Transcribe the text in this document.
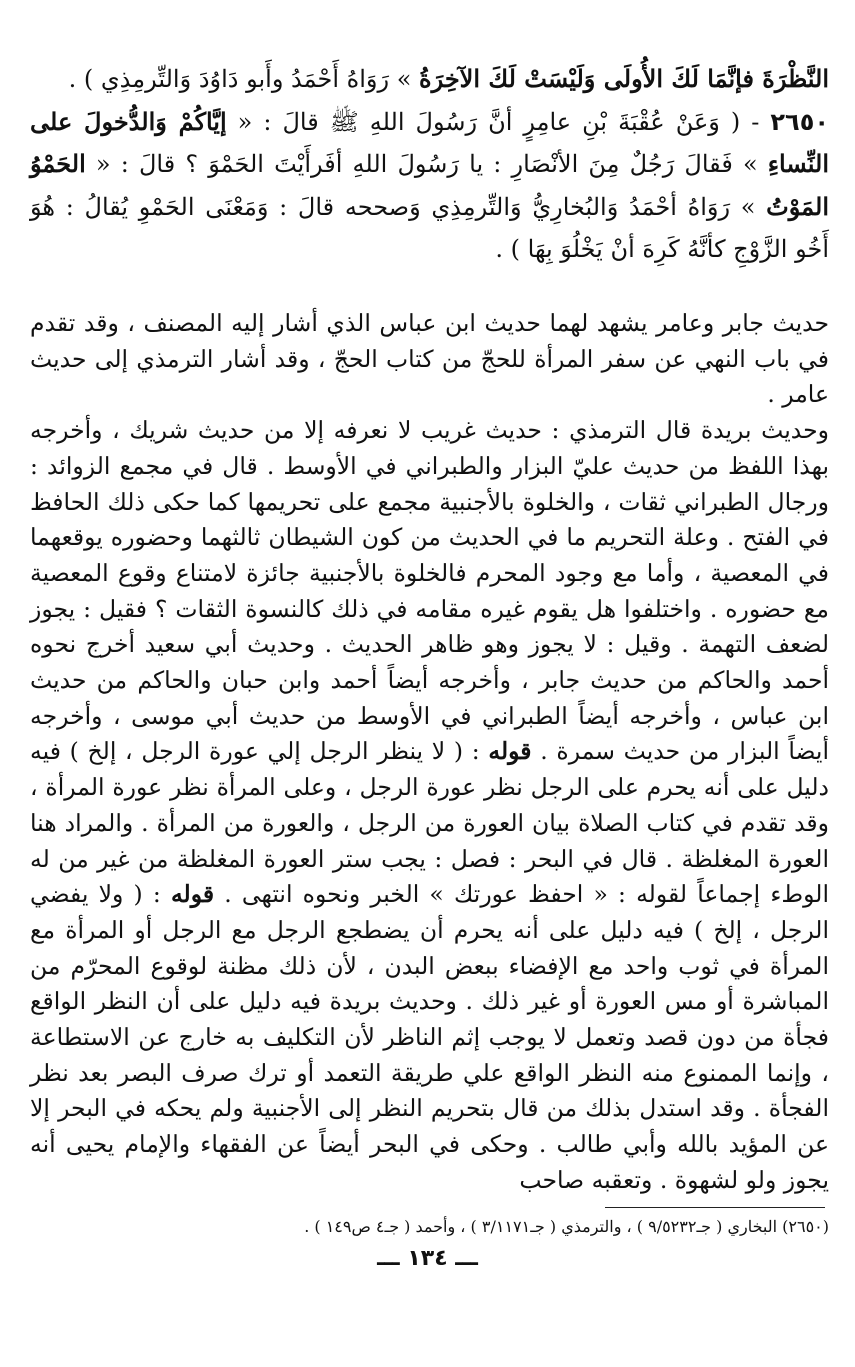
النَّظْرَةَ فإنَّمَا لَكَ الأُولَى وَلَيْسَتْ لَكَ الآخِرَةُ » رَوَاهُ أَحْمَدُ وأَبو دَاوُدَ وَالتِّرمِذِي ) .

٢٦٥٠ - ( وَعَنْ عُقْبَةَ بْنِ عامِرٍ أنَّ رَسُولَ اللهِ ﷺ قالَ : « إيَّاكُمْ وَالدُّخولَ على النِّساءِ » فَقالَ رَجُلٌ مِنَ الأنْصَارِ : يا رَسُولَ اللهِ أفَرأَيْتَ الحَمْوَ ؟ قالَ : « الحَمْوُ المَوْتُ » رَوَاهُ أحْمَدُ وَالبُخارِيُّ وَالتِّرمِذِي وَصححه قالَ : وَمَعْنَى الحَمْوِ يُقالُ : هُوَ أَخُو الزَّوْجِ كأنَّهُ كَرِهَ أنْ يَخْلُوَ بِهَا ) .

حديث جابر وعامر يشهد لهما حديث ابن عباس الذي أشار إليه المصنف ، وقد تقدم في باب النهي عن سفر المرأة للحجّ من كتاب الحجّ ، وقد أشار الترمذي إلى حديث عامر .

وحديث بريدة قال الترمذي : حديث غريب لا نعرفه إلا من حديث شريك ، وأخرجه بهذا اللفظ من حديث عليّ البزار والطبراني في الأوسط . قال في مجمع الزوائد : ورجال الطبراني ثقات ، والخلوة بالأجنبية مجمع على تحريمها كما حكى ذلك الحافظ في الفتح . وعلة التحريم ما في الحديث من كون الشيطان ثالثهما وحضوره يوقعهما في المعصية ، وأما مع وجود المحرم فالخلوة بالأجنبية جائزة لامتناع وقوع المعصية مع حضوره . واختلفوا هل يقوم غيره مقامه في ذلك كالنسوة الثقات ؟ فقيل : يجوز لضعف التهمة . وقيل : لا يجوز وهو ظاهر الحديث . وحديث أبي سعيد أخرج نحوه أحمد والحاكم من حديث جابر ، وأخرجه أيضاً أحمد وابن حبان والحاكم من حديث ابن عباس ، وأخرجه أيضاً الطبراني في الأوسط من حديث أبي موسى ، وأخرجه أيضاً البزار من حديث سمرة . قوله : ( لا ينظر الرجل إلي عورة الرجل ، إلخ ) فيه دليل على أنه يحرم على الرجل نظر عورة الرجل ، وعلى المرأة نظر عورة المرأة ، وقد تقدم في كتاب الصلاة بيان العورة من الرجل ، والعورة من المرأة . والمراد هنا العورة المغلظة . قال في البحر : فصل : يجب ستر العورة المغلظة من غير من له الوطء إجماعاً لقوله : « احفظ عورتك » الخبر ونحوه انتهى . قوله : ( ولا يفضي الرجل ، إلخ ) فيه دليل على أنه يحرم أن يضطجع الرجل مع الرجل أو المرأة مع المرأة في ثوب واحد مع الإفضاء ببعض البدن ، لأن ذلك مظنة لوقوع المحرّم من المباشرة أو مس العورة أو غير ذلك . وحديث بريدة فيه دليل على أن النظر الواقع فجأة من دون قصد وتعمل لا يوجب إثم الناظر لأن التكليف به خارج عن الاستطاعة ، وإنما الممنوع منه النظر الواقع علي طريقة التعمد أو ترك صرف البصر بعد نظر الفجأة . وقد استدل بذلك من قال بتحريم النظر إلى الأجنبية ولم يحكه في البحر إلا عن المؤيد بالله وأبي طالب . وحكى في البحر أيضاً عن الفقهاء والإمام يحيى أنه يجوز ولو لشهوة . وتعقبه صاحب

(٢٦٥٠) البخاري ( جـ٩/٥٢٣٢ ) ، والترمذي ( جـ٣/١١٧١ ) ، وأحمد ( جـ٤ ص١٤٩ ) .
ـــ ١٣٤ ـــ
